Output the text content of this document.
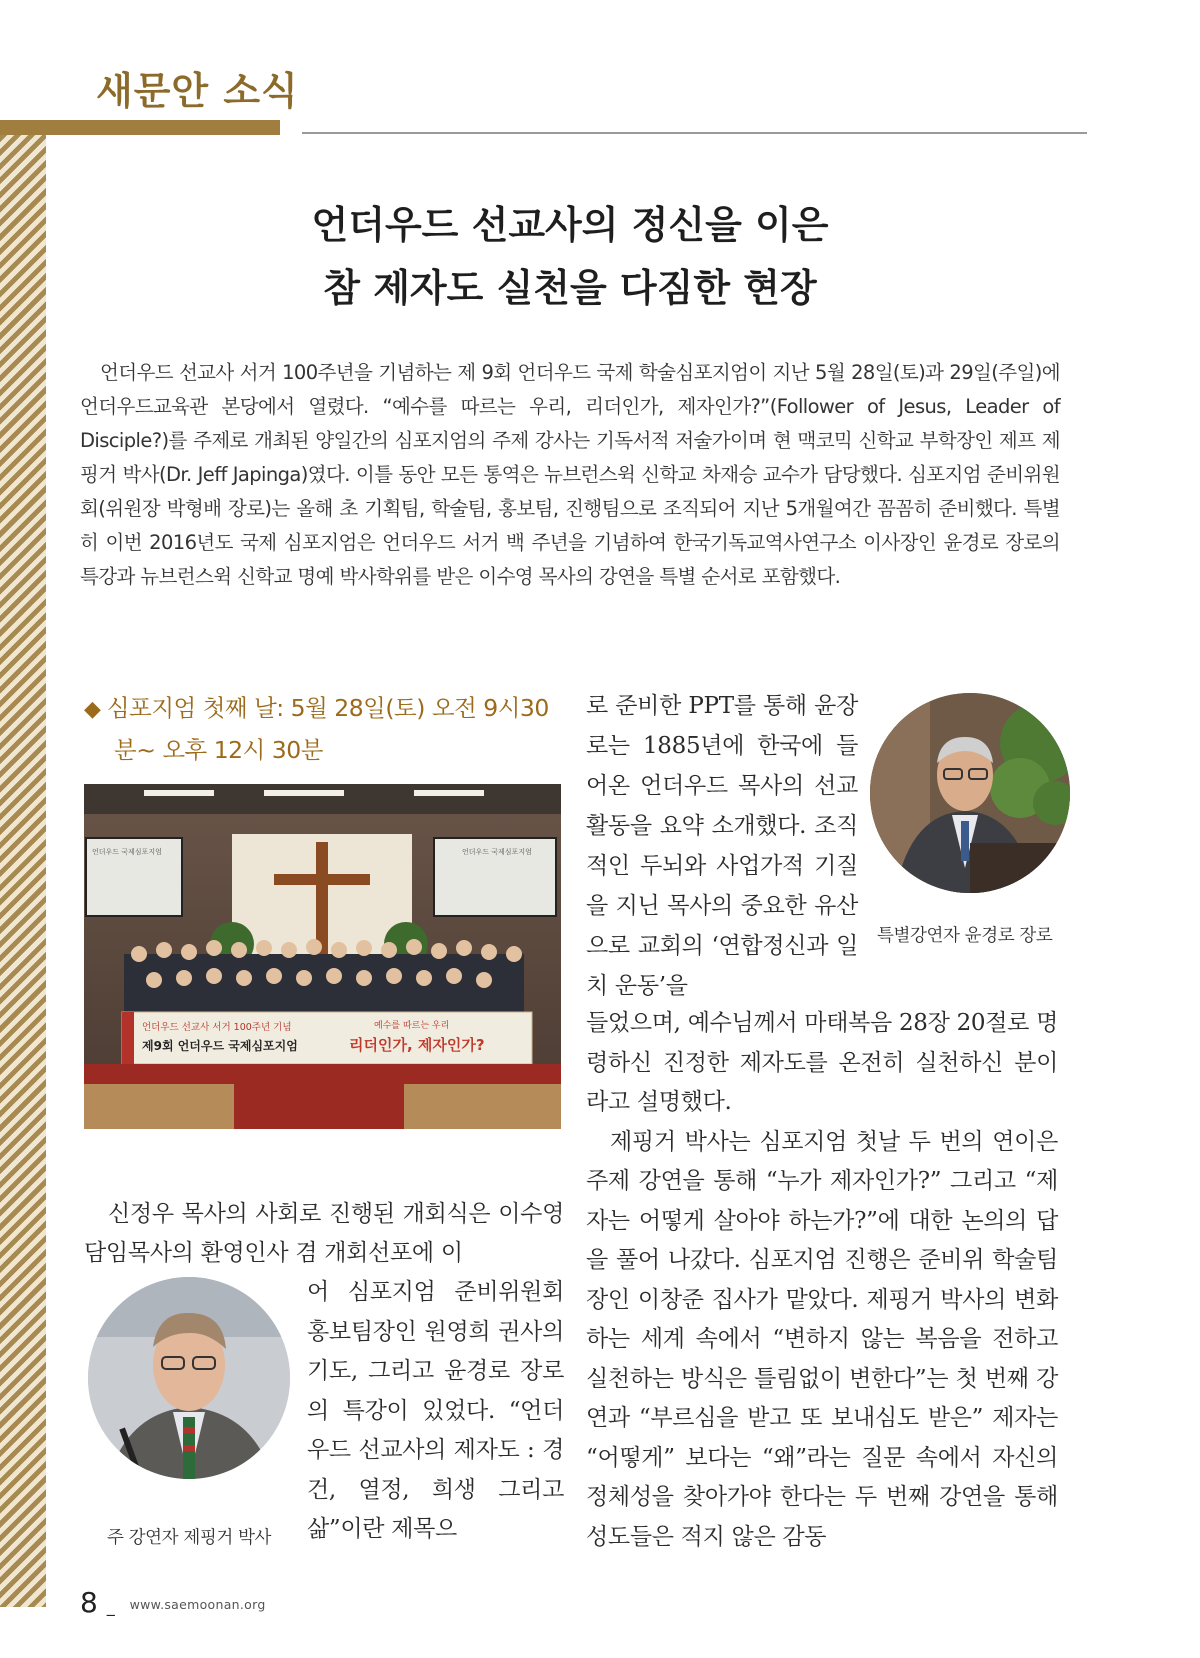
새문안 소식
언더우드 선교사의 정신을 이은
참 제자도 실천을 다짐한 현장

언더우드 선교사 서거 100주년을 기념하는 제 9회 언더우드 국제 학술심포지엄이 지난 5월 28일(토)과 29일(주일)에 언더우드교육관 본당에서 열렸다. “예수를 따르는 우리, 리더인가, 제자인가?”(Follower of Jesus, Leader of Disciple?)를 주제로 개최된 양일간의 심포지엄의 주제 강사는 기독서적 저술가이며 현 맥코믹 신학교 부학장인 제프 제핑거 박사(Dr. Jeff Japinga)였다. 이틀 동안 모든 통역은 뉴브런스윅 신학교 차재승 교수가 담당했다. 심포지엄 준비위원회(위원장 박형배 장로)는 올해 초 기획팀, 학술팀, 홍보팀, 진행팀으로 조직되어 지난 5개월여간 꼼꼼히 준비했다. 특별히 이번 2016년도 국제 심포지엄은 언더우드 서거 백 주년을 기념하여 한국기독교역사연구소 이사장인 윤경로 장로의 특강과 뉴브런스윅 신학교 명예 박사학위를 받은 이수영 목사의 강연을 특별 순서로 포함했다.

◆ 심포지엄 첫째 날: 5월 28일(토) 오전 9시30
분~ 오후 12시 30분
언더우드 국제심포지엄	언더우드 국제심포지엄
언더우드 선교사 서거 100주년 기념
제9회 언더우드 국제심포지엄
예수를 따르는 우리
리더인가, 제자인가?

신정우 목사의 사회로 진행된 개회식은 이수영 담임목사의 환영인사 겸 개회선포에 이

주 강연자 제핑거 박사
어 심포지엄 준비위원회 홍보팀장인 원영희 권사의 기도, 그리고 윤경로 장로의 특강이 있었다. “언더우드 선교사의 제자도 : 경건, 열정, 희생 그리고 삶”이란 제목으
로 준비한 PPT를 통해 윤장로는 1885년에 한국에 들어온 언더우드 목사의 선교 활동을 요약 소개했다. 조직적인 두뇌와 사업가적 기질을 지닌 목사의 중요한 유산으로 교회의 ‘연합정신과 일치 운동’을
특별강연자 윤경로 장로

들었으며, 예수님께서 마태복음 28장 20절로 명령하신 진정한 제자도를 온전히 실천하신 분이라고 설명했다.

제핑거 박사는 심포지엄 첫날 두 번의 연이은 주제 강연을 통해 “누가 제자인가?” 그리고 “제자는 어떻게 살아야 하는가?”에 대한 논의의 답을 풀어 나갔다. 심포지엄 진행은 준비위 학술팀장인 이창준 집사가 맡았다. 제핑거 박사의 변화하는 세계 속에서 “변하지 않는 복음을 전하고 실천하는 방식은 틀림없이 변한다”는 첫 번째 강연과 “부르심을 받고 또 보내심도 받은” 제자는 “어떻게” 보다는 “왜”라는 질문 속에서 자신의 정체성을 찾아가야 한다는 두 번째 강연을 통해 성도들은 적지 않은 감동

8 _ www.saemoonan.org
